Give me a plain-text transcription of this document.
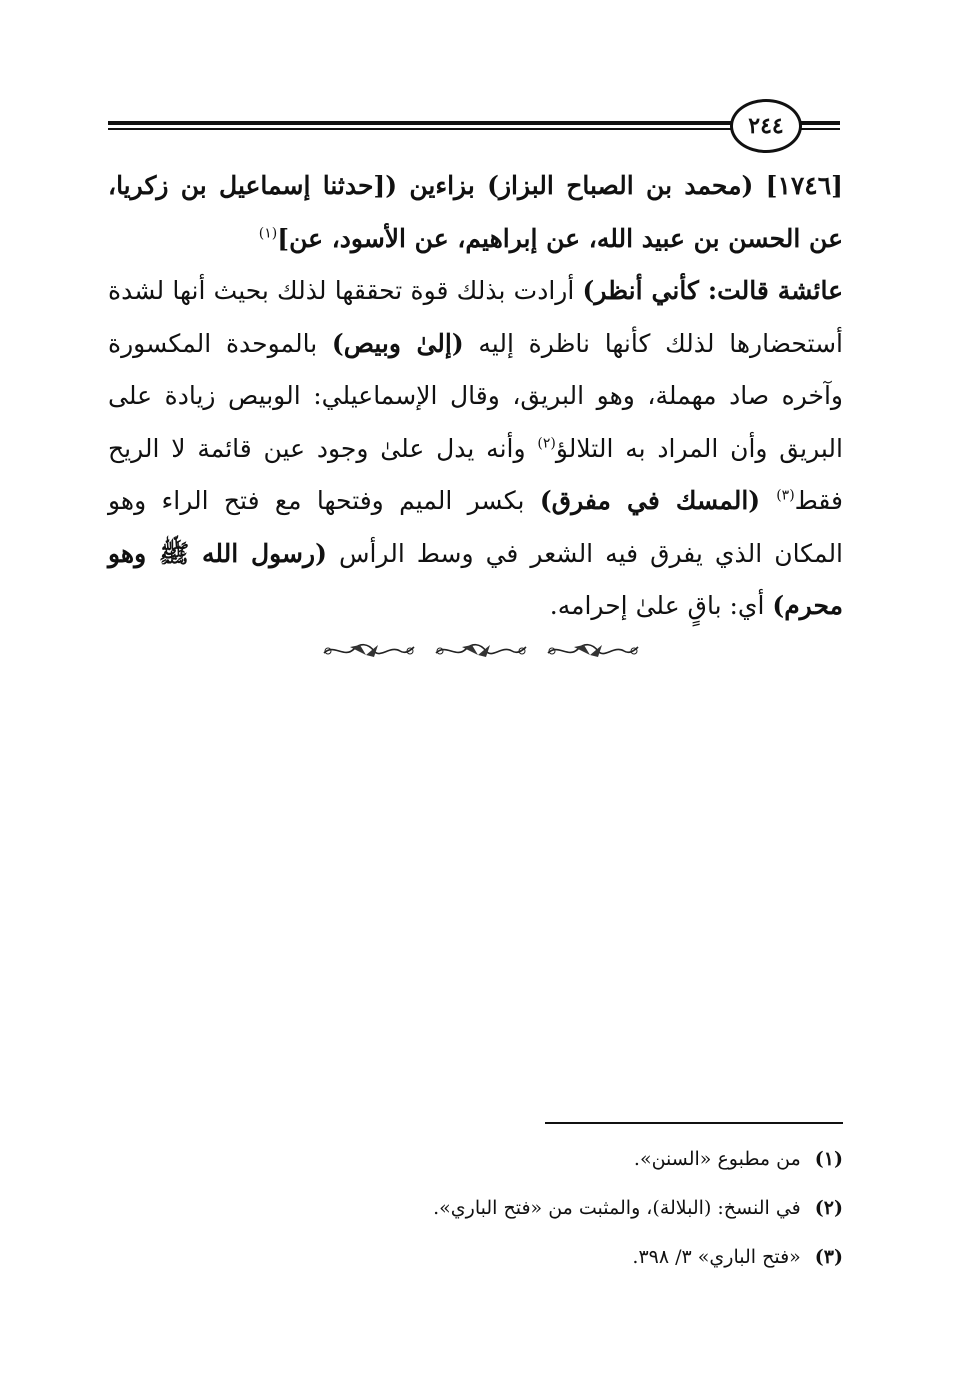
٢٤٤

[١٧٤٦] (محمد بن الصباح البزاز) بزاءين ([حدثنا إسماعيل بن زكريا، عن الحسن بن عبيد الله، عن إبراهيم، عن الأسود، عن]$^{(١)}$

عائشة قالت: كأني أنظر) أرادت بذلك قوة تحققها لذلك بحيث أنها لشدة أستحضارها لذلك كأنها ناظرة إليه (إلىٰ وبيص) بالموحدة المكسورة وآخره صاد مهملة، وهو البريق، وقال الإسماعيلي: الوبيص زيادة على البريق وأن المراد به التلالؤ$^{(٢)}$ وأنه يدل علىٰ وجود عين قائمة لا الريح فقط$^{(٣)}$ (المسك في مفرق) بكسر الميم وفتحها مع فتح الراء وهو المكان الذي يفرق فيه الشعر في وسط الرأس (رسول الله ﷺ وهو محرم) أي: باقٍ علىٰ إحرامه.

(١)
من مطبوع «السنن».
(٢)
في النسخ: (البلالة)، والمثبت من «فتح الباري».
(٣)
«فتح الباري» ٣/ ٣٩٨.
